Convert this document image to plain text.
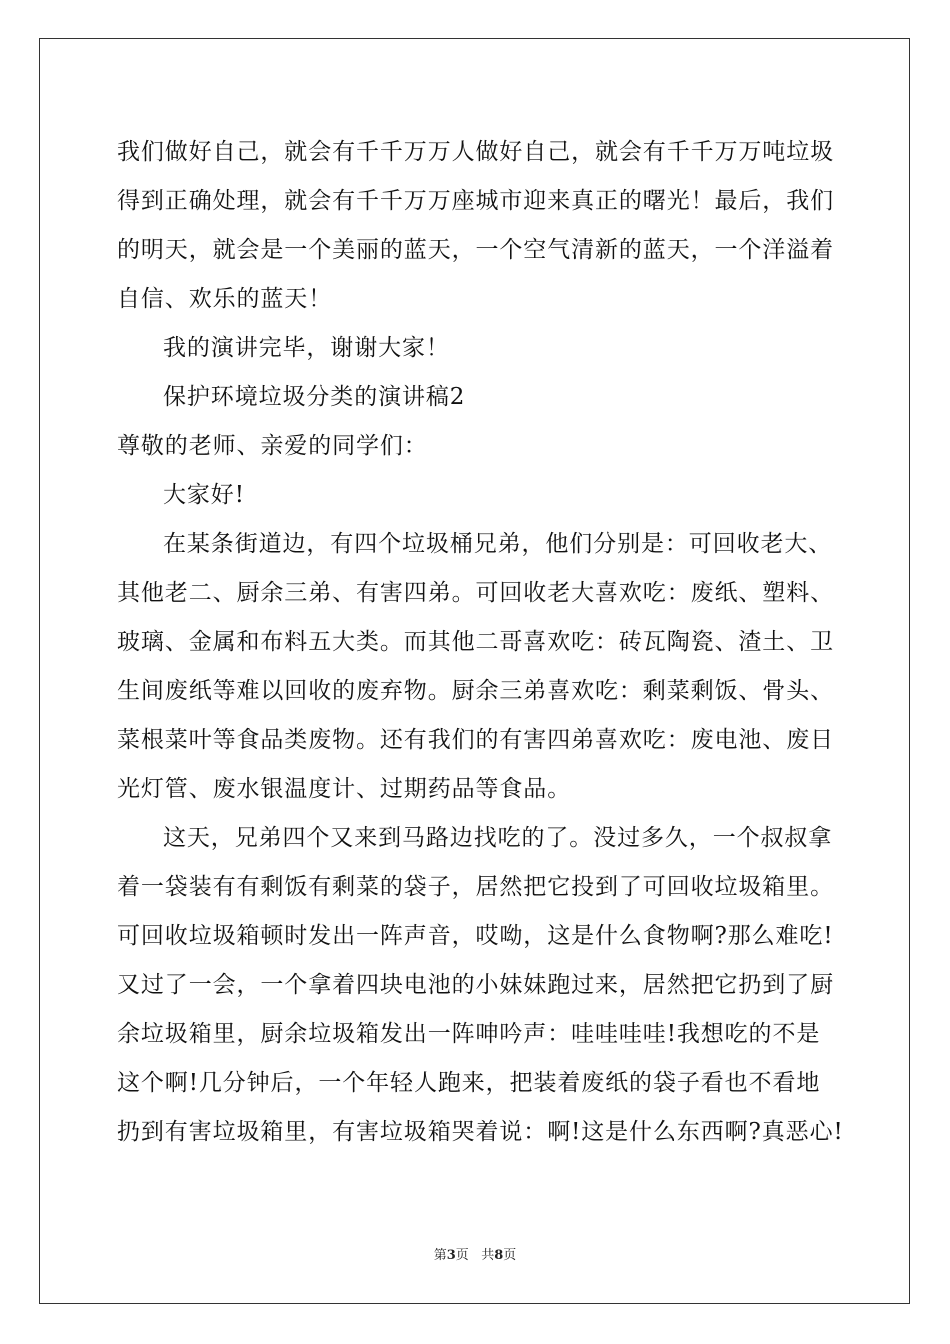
我们做好自己，就会有千千万万人做好自己，就会有千千万万吨垃圾
得到正确处理，就会有千千万万座城市迎来真正的曙光！最后，我们
的明天，就会是一个美丽的蓝天，一个空气清新的蓝天，一个洋溢着
自信、欢乐的蓝天！
我的演讲完毕，谢谢大家！
保护环境垃圾分类的演讲稿2
尊敬的老师、亲爱的同学们：
大家好!
在某条街道边，有四个垃圾桶兄弟，他们分别是：可回收老大、
其他老二、厨余三弟、有害四弟。可回收老大喜欢吃：废纸、塑料、
玻璃、金属和布料五大类。而其他二哥喜欢吃：砖瓦陶瓷、渣土、卫
生间废纸等难以回收的废弃物。厨余三弟喜欢吃：剩菜剩饭、骨头、
菜根菜叶等食品类废物。还有我们的有害四弟喜欢吃：废电池、废日
光灯管、废水银温度计、过期药品等食品。
这天，兄弟四个又来到马路边找吃的了。没过多久，一个叔叔拿
着一袋装有有剩饭有剩菜的袋子，居然把它投到了可回收垃圾箱里。
可回收垃圾箱顿时发出一阵声音，哎呦，这是什么食物啊?那么难吃!
又过了一会，一个拿着四块电池的小妹妹跑过来，居然把它扔到了厨
余垃圾箱里，厨余垃圾箱发出一阵呻吟声：哇哇哇哇!我想吃的不是
这个啊!几分钟后，一个年轻人跑来，把装着废纸的袋子看也不看地
扔到有害垃圾箱里，有害垃圾箱哭着说：啊!这是什么东西啊?真恶心!
第3页 共8页
